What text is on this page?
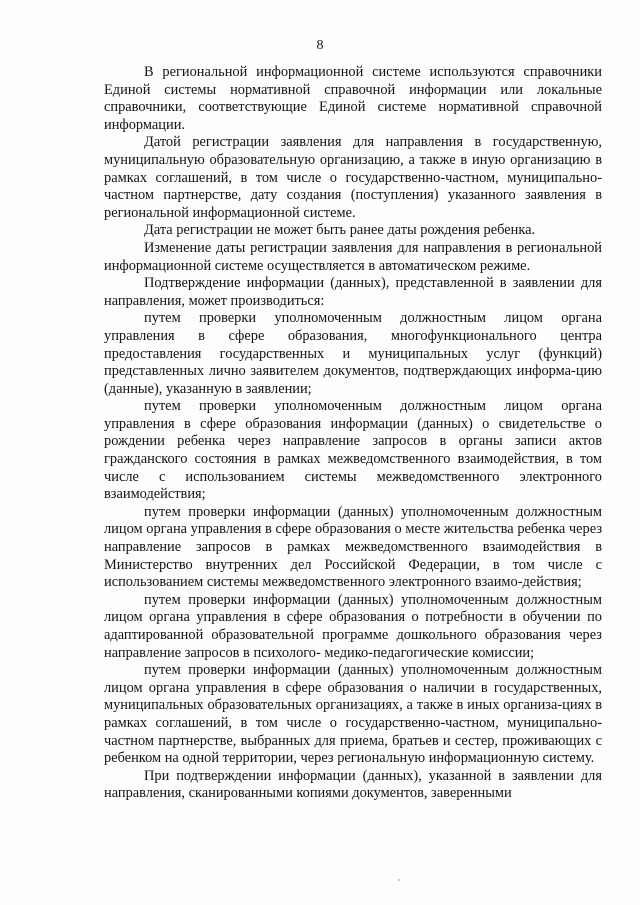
8

В региональной информационной системе используются справочники Единой системы нормативной справочной информации или локальные справочники, соответствующие Единой системе нормативной справочной информации.

Датой регистрации заявления для направления в государственную, муниципальную образовательную организацию, а также в иную организацию в рамках соглашений, в том числе о государственно-частном, муниципально-частном партнерстве, дату создания (поступления) указанного заявления в региональной информационной системе.

Дата регистрации не может быть ранее даты рождения ребенка.

Изменение даты регистрации заявления для направления в региональной информационной системе осуществляется в автоматическом режиме.

Подтверждение информации (данных), представленной в заявлении для направления, может производиться:

путем проверки уполномоченным должностным лицом органа управления в сфере образования, многофункционального центра предоставления государственных и муниципальных услуг (функций) представленных лично заявителем документов, подтверждающих информа-цию (данные), указанную в заявлении;

путем проверки уполномоченным должностным лицом органа управления в сфере образования информации (данных) о свидетельстве о рождении ребенка через направление запросов в органы записи актов гражданского состояния в рамках межведомственного взаимодействия, в том числе с использованием системы межведомственного электронного взаимодействия;

путем проверки информации (данных) уполномоченным должностным лицом органа управления в сфере образования о месте жительства ребенка через направление запросов в рамках межведомственного взаимодействия в Министерство внутренних дел Российской Федерации, в том числе с использованием системы межведомственного электронного взаимо-действия;

путем проверки информации (данных) уполномоченным должностным лицом органа управления в сфере образования о потребности в обучении по адаптированной образовательной программе дошкольного образования через направление запросов в психолого- медико-педагогические комиссии;

путем проверки информации (данных) уполномоченным должностным лицом органа управления в сфере образования о наличии в государственных, муниципальных образовательных организациях, а также в иных организа-циях в рамках соглашений, в том числе о государственно-частном, муниципально-частном партнерстве, выбранных для приема, братьев и сестер, проживающих с ребенком на одной территории, через региональную информационную систему.

При подтверждении информации (данных), указанной в заявлении для направления, сканированными копиями документов, заверенными
